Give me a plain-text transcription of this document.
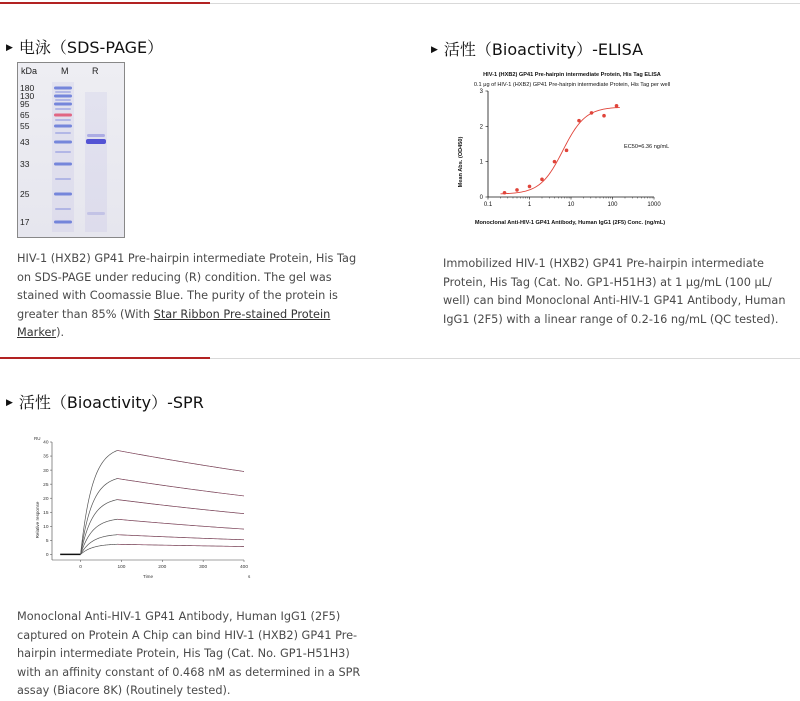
▶ 电泳（SDS-PAGE）
kDa	M	R
180
130
95
65
55
43
33
25
17
HIV-1 (HXB2) GP41 Pre-hairpin intermediate Protein, His Tag
on SDS-PAGE under reducing (R) condition. The gel was
stained with Coomassie Blue. The purity of the protein is
greater than 85% (With Star Ribbon Pre-stained Protein
Marker).
▶ 活性（Bioactivity）-ELISA
HIV-1 (HXB2) GP41 Pre-hairpin intermediate Protein, His Tag ELISA
0.1 μg of HIV-1 (HXB2) GP41 Pre-hairpin intermediate Protein, His Tag per well
Mean Abs. (OD450)
Monoclonal Anti-HIV-1 GP41 Antibody, Human IgG1 (2F5) Conc. (ng/mL)
EC50=6.36 ng/mL
0.1	1	10	100	1000
0
1
2
3
Immobilized HIV-1 (HXB2) GP41 Pre-hairpin intermediate
Protein, His Tag (Cat. No. GP1-H51H3) at 1 μg/mL (100 μL/
well) can bind Monoclonal Anti-HIV-1 GP41 Antibody, Human
IgG1 (2F5) with a linear range of 0.2-16 ng/mL (QC tested).
▶ 活性（Bioactivity）-SPR
RU
Relative response
Time	s
0	100	200	300	400
0
5
10
15
20
25
30
35
40
Monoclonal Anti-HIV-1 GP41 Antibody, Human IgG1 (2F5)
captured on Protein A Chip can bind HIV-1 (HXB2) GP41 Pre-
hairpin intermediate Protein, His Tag (Cat. No. GP1-H51H3)
with an affinity constant of 0.468 nM as determined in a SPR
assay (Biacore 8K) (Routinely tested).
